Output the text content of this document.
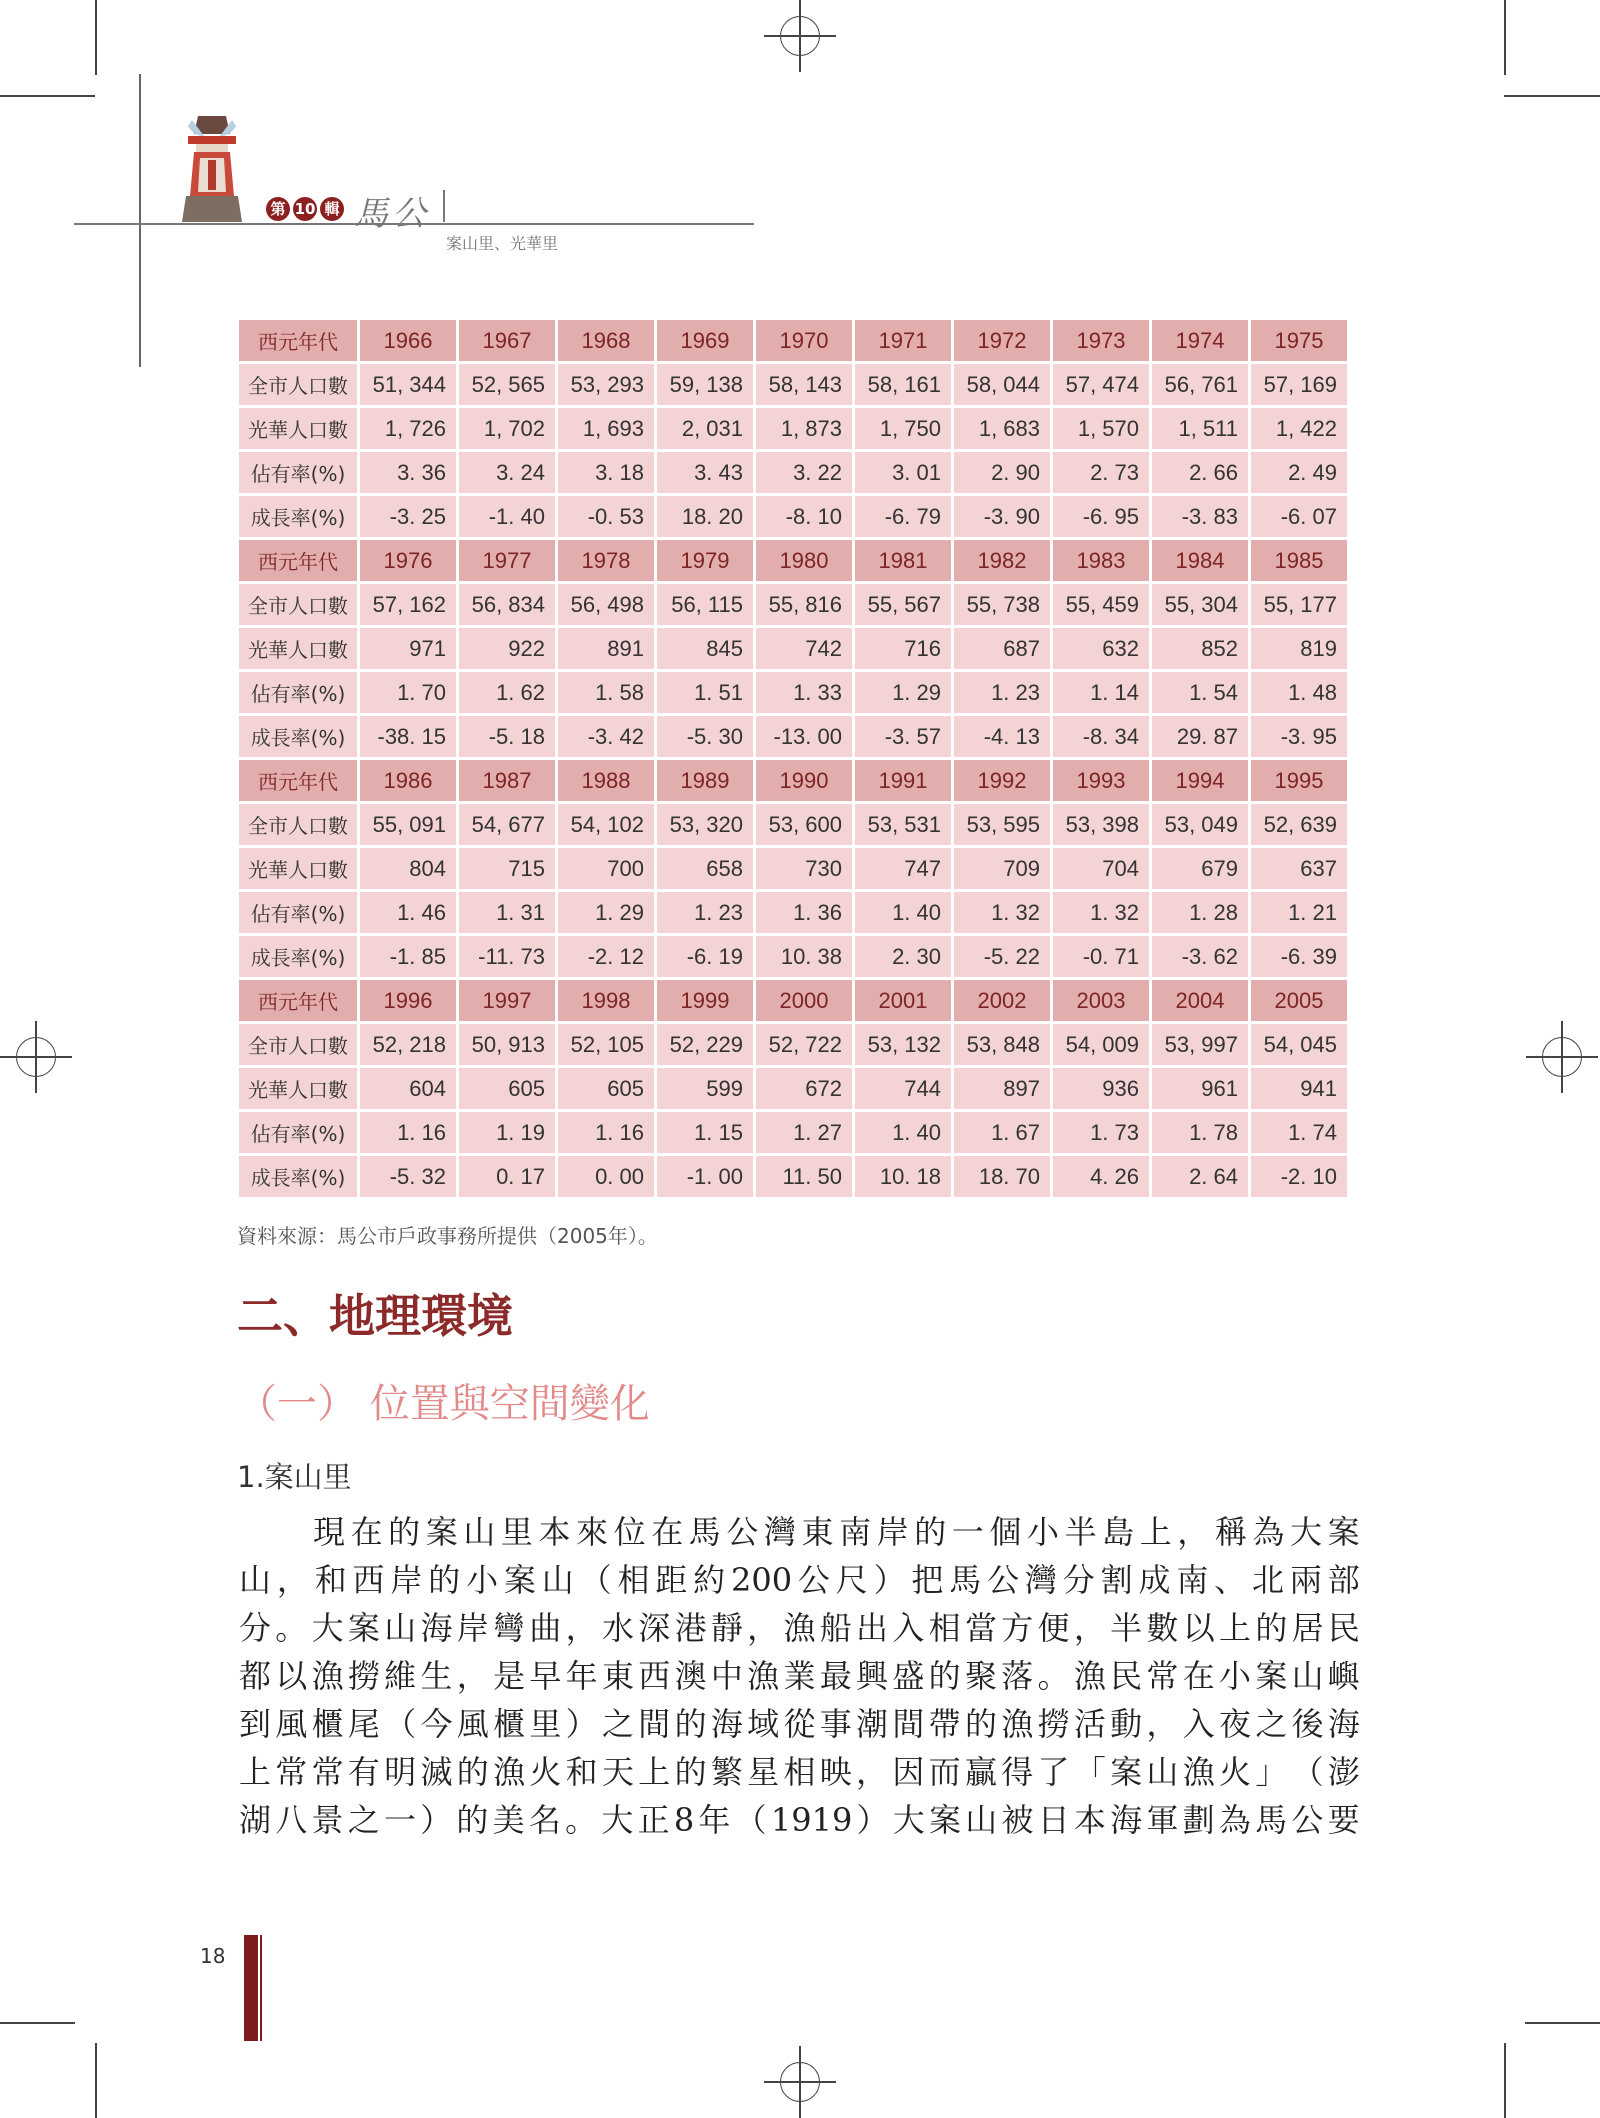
第 10 輯 馬公
案山里、光華里
西元年代	1966	1967	1968	1969	1970	1971	1972	1973	1974	1975
全市人口數	51, 344	52, 565	53, 293	59, 138	58, 143	58, 161	58, 044	57, 474	56, 761	57, 169
光華人口數	1, 726	1, 702	1, 693	2, 031	1, 873	1, 750	1, 683	1, 570	1, 511	1, 422
佔有率(%)	3. 36	3. 24	3. 18	3. 43	3. 22	3. 01	2. 90	2. 73	2. 66	2. 49
成長率(%)	-3. 25	-1. 40	-0. 53	18. 20	-8. 10	-6. 79	-3. 90	-6. 95	-3. 83	-6. 07
西元年代	1976	1977	1978	1979	1980	1981	1982	1983	1984	1985
全市人口數	57, 162	56, 834	56, 498	56, 115	55, 816	55, 567	55, 738	55, 459	55, 304	55, 177
光華人口數	971	922	891	845	742	716	687	632	852	819
佔有率(%)	1. 70	1. 62	1. 58	1. 51	1. 33	1. 29	1. 23	1. 14	1. 54	1. 48
成長率(%)	-38. 15	-5. 18	-3. 42	-5. 30	-13. 00	-3. 57	-4. 13	-8. 34	29. 87	-3. 95
西元年代	1986	1987	1988	1989	1990	1991	1992	1993	1994	1995
全市人口數	55, 091	54, 677	54, 102	53, 320	53, 600	53, 531	53, 595	53, 398	53, 049	52, 639
光華人口數	804	715	700	658	730	747	709	704	679	637
佔有率(%)	1. 46	1. 31	1. 29	1. 23	1. 36	1. 40	1. 32	1. 32	1. 28	1. 21
成長率(%)	-1. 85	-11. 73	-2. 12	-6. 19	10. 38	2. 30	-5. 22	-0. 71	-3. 62	-6. 39
西元年代	1996	1997	1998	1999	2000	2001	2002	2003	2004	2005
全市人口數	52, 218	50, 913	52, 105	52, 229	52, 722	53, 132	53, 848	54, 009	53, 997	54, 045
光華人口數	604	605	605	599	672	744	897	936	961	941
佔有率(%)	1. 16	1. 19	1. 16	1. 15	1. 27	1. 40	1. 67	1. 73	1. 78	1. 74
成長率(%)	-5. 32	0. 17	0. 00	-1. 00	11. 50	10. 18	18. 70	4. 26	2. 64	-2. 10
資料來源：馬公市戶政事務所提供（2005年）。
二、地理環境
（一） 位置與空間變化
1.案山里
現 在 的 案 山 里 本 來 位 在 馬 公 灣 東 南 岸 的 一 個 小 半 島 上 ， 稱 為 大 案
山 ， 和 西 岸 的 小 案 山 （ 相 距 約 200 公 尺 ） 把 馬 公 灣 分 割 成 南 、 北 兩 部
分 。 大 案 山 海 岸 彎 曲 ， 水 深 港 靜 ， 漁 船 出 入 相 當 方 便 ， 半 數 以 上 的 居 民
都 以 漁 撈 維 生 ， 是 早 年 東 西 澳 中 漁 業 最 興 盛 的 聚 落 。 漁 民 常 在 小 案 山 嶼
到 風 櫃 尾 （ 今 風 櫃 里 ） 之 間 的 海 域 從 事 潮 間 帶 的 漁 撈 活 動 ， 入 夜 之 後 海
上 常 常 有 明 滅 的 漁 火 和 天 上 的 繁 星 相 映 ， 因 而 贏 得 了 「 案 山 漁 火 」 （ 澎
湖 八 景 之 一 ） 的 美 名 。 大 正 8 年 （ 1919 ） 大 案 山 被 日 本 海 軍 劃 為 馬 公 要
18
